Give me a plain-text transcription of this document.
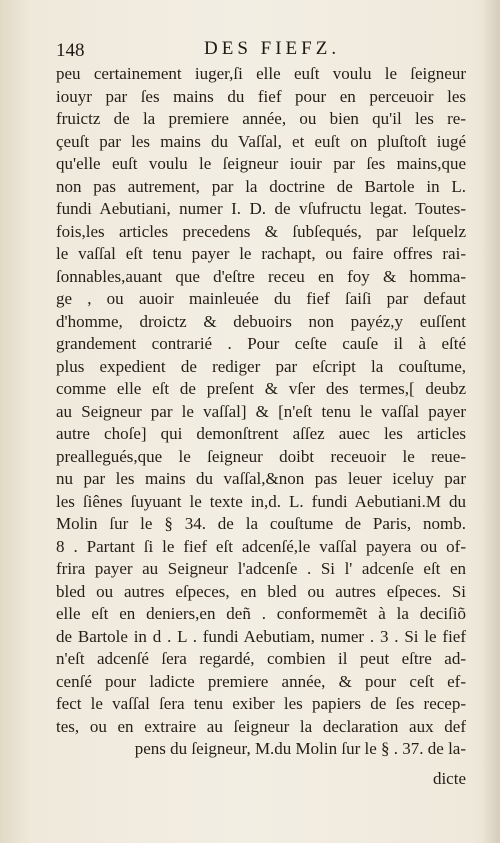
148	DES FIEFZ.
peu certainement iuger,ſi elle euſt voulu le ſeigneur
iouyr par ſes mains du fief pour en perceuoir les
fruictz de la premiere année, ou bien qu'il les re-
çeuſt par les mains du Vaſſal, et euſt on pluſtoſt iugé
qu'elle euſt voulu le ſeigneur iouir par ſes mains,que
non pas autrement, par la doctrine de Bartole in L.
fundi Aebutiani, numer I. D. de vſufructu legat. Toutes-
fois,les articles precedens & ſubſequés, par leſquelz
le vaſſal eſt tenu payer le rachapt, ou faire offres rai-
ſonnables,auant que d'eſtre receu en foy & homma-
ge , ou auoir mainleuée du fief ſaiſi par defaut
d'homme, droictz & debuoirs non payéz,y euſſent
grandement contrarié . Pour ceſte cauſe il à eſté
plus expedient de rediger par eſcript la couſtume,
comme elle eſt de preſent & vſer des termes,[ deubz
au Seigneur par le vaſſal] & [n'eſt tenu le vaſſal payer
autre choſe] qui demonſtrent aſſez auec les articles
preallegués,que le ſeigneur doibt receuoir le reue-
nu par les mains du vaſſal,&non pas leuer iceluy par
les ſiênes ſuyuant le texte in,d. L. fundi Aebutiani.M du
Molin ſur le § 34. de la couſtume de Paris, nomb.
8 . Partant ſi le fief eſt adcenſé,le vaſſal payera ou of-
frira payer au Seigneur l'adcenſe . Si l' adcenſe eſt en
bled ou autres eſpeces, en bled ou autres eſpeces. Si
elle eſt en deniers,en deñ . conformemẽt à la deciſiõ
de Bartole in d . L . fundi Aebutiam, numer . 3 . Si le fief
n'eſt adcenſé ſera regardé, combien il peut eſtre ad-
cenſé pour ladicte premiere année, & pour ceſt ef-
fect le vaſſal ſera tenu exiber les papiers de ſes recep-
tes, ou en extraire au ſeigneur la declaration aux def
pens du ſeigneur, M.du Molin ſur le § . 37. de la-
dicte
